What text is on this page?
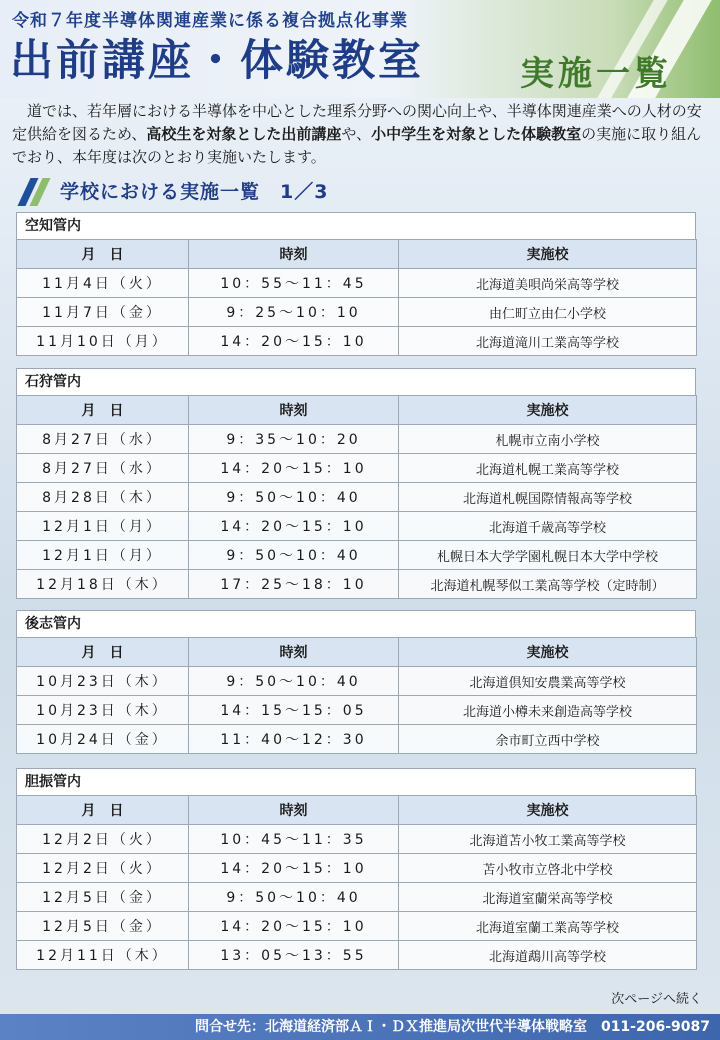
令和７年度半導体関連産業に係る複合拠点化事業
出前講座・体験教室	実施一覧
道では、若年層における半導体を中心とした理系分野への関心向上や、半導体関連産業への人材の安定供給を図るため、高校生を対象とした出前講座や、小中学生を対象とした体験教室の実施に取り組んでおり、本年度は次のとおり実施いたします。
学校における実施一覧　1／3
空知管内
月　日	時刻	実施校
11月4日（火）	10：55～11：45	北海道美唄尚栄高等学校
11月7日（金）	9：25～10：10	由仁町立由仁小学校
11月10日（月）	14：20～15：10	北海道滝川工業高等学校
石狩管内
月　日	時刻	実施校
8月27日（水）	9：35～10：20	札幌市立南小学校
8月27日（水）	14：20～15：10	北海道札幌工業高等学校
8月28日（木）	9：50～10：40	北海道札幌国際情報高等学校
12月1日（月）	14：20～15：10	北海道千歳高等学校
12月1日（月）	9：50～10：40	札幌日本大学学園札幌日本大学中学校
12月18日（木）	17：25～18：10	北海道札幌琴似工業高等学校（定時制）
後志管内
月　日	時刻	実施校
10月23日（木）	9：50～10：40	北海道倶知安農業高等学校
10月23日（木）	14：15～15：05	北海道小樽未来創造高等学校
10月24日（金）	11：40～12：30	余市町立西中学校
胆振管内
月　日	時刻	実施校
12月2日（火）	10：45～11：35	北海道苫小牧工業高等学校
12月2日（火）	14：20～15：10	苫小牧市立啓北中学校
12月5日（金）	9：50～10：40	北海道室蘭栄高等学校
12月5日（金）	14：20～15：10	北海道室蘭工業高等学校
12月11日（木）	13：05～13：55	北海道鵡川高等学校
次ページへ続く
問合せ先：北海道経済部ＡＩ・ＤＸ推進局次世代半導体戦略室　011-206-9087
